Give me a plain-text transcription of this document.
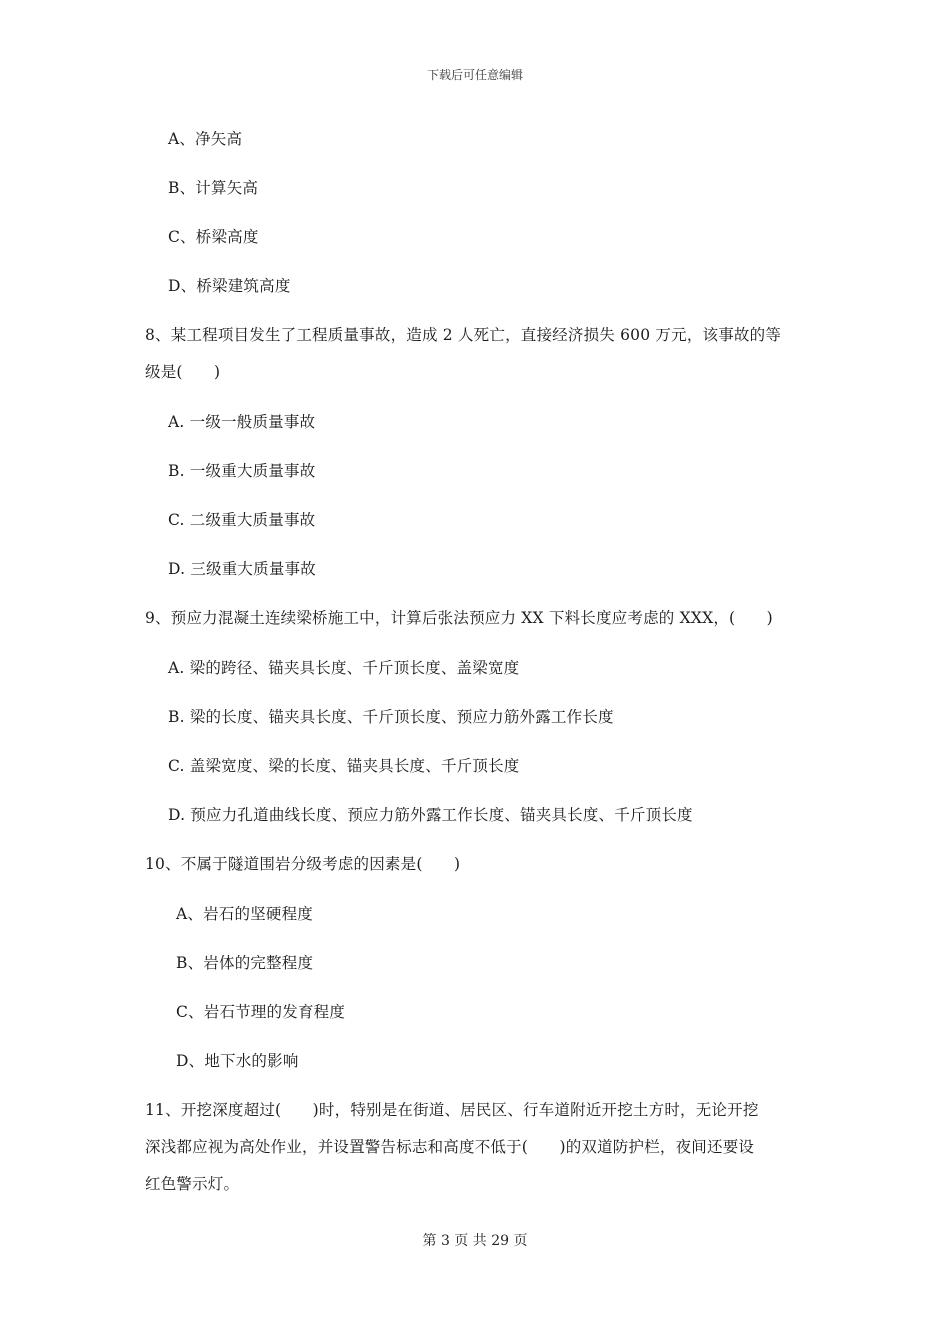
下载后可任意编辑
A、净矢高
B、计算矢高
C、桥梁高度
D、桥梁建筑高度
8、某工程项目发生了工程质量事故，造成 2 人死亡，直接经济损失 600 万元，该事故的等
级是(　　)
A. 一级一般质量事故
B. 一级重大质量事故
C. 二级重大质量事故
D. 三级重大质量事故
9、预应力混凝土连续梁桥施工中，计算后张法预应力 XX 下料长度应考虑的 XXX，(　　)
A. 梁的跨径、锚夹具长度、千斤顶长度、盖梁宽度
B. 梁的长度、锚夹具长度、千斤顶长度、预应力筋外露工作长度
C. 盖梁宽度、梁的长度、锚夹具长度、千斤顶长度
D. 预应力孔道曲线长度、预应力筋外露工作长度、锚夹具长度、千斤顶长度
10、不属于隧道围岩分级考虑的因素是(　　)
A、岩石的坚硬程度
B、岩体的完整程度
C、岩石节理的发育程度
D、地下水的影响
11、开挖深度超过(　　)时，特别是在街道、居民区、行车道附近开挖土方时，无论开挖
深浅都应视为高处作业，并设置警告标志和高度不低于(　　)的双道防护栏，夜间还要设
红色警示灯。
第 3 页 共 29 页
